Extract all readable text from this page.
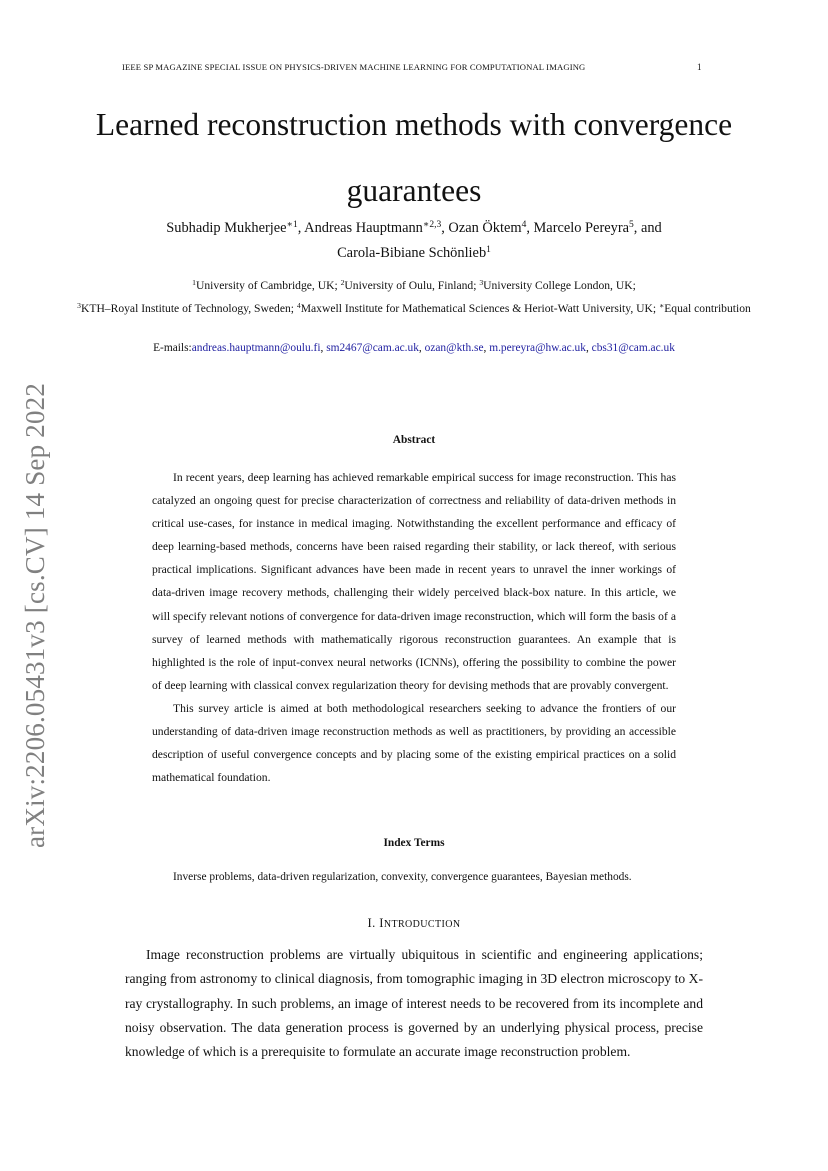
IEEE SP MAGAZINE SPECIAL ISSUE ON PHYSICS-DRIVEN MACHINE LEARNING FOR COMPUTATIONAL IMAGING	1
arXiv:2206.05431v3 [cs.CV] 14 Sep 2022
Learned reconstruction methods with convergence guarantees
Subhadip Mukherjee$^{∗1}$, Andreas Hauptmann$^{∗2,3}$, Ozan Öktem$^4$, Marcelo Pereyra$^5$, and
Carola-Bibiane Schönlieb$^1$
$^1$University of Cambridge, UK; $^2$University of Oulu, Finland; $^3$University College London, UK;
$^3$KTH–Royal Institute of Technology, Sweden; $^4$Maxwell Institute for Mathematical Sciences & Heriot-Watt University, UK; ∗Equal contribution
E-mails:andreas.hauptmann@oulu.fi, sm2467@cam.ac.uk, ozan@kth.se, m.pereyra@hw.ac.uk, cbs31@cam.ac.uk
Abstract

In recent years, deep learning has achieved remarkable empirical success for image reconstruction. This has catalyzed an ongoing quest for precise characterization of correctness and reliability of data-driven methods in critical use-cases, for instance in medical imaging. Notwithstanding the excellent performance and efficacy of deep learning-based methods, concerns have been raised regarding their stability, or lack thereof, with serious practical implications. Significant advances have been made in recent years to unravel the inner workings of data-driven image recovery methods, challenging their widely perceived black-box nature. In this article, we will specify relevant notions of convergence for data-driven image reconstruction, which will form the basis of a survey of learned methods with mathematically rigorous reconstruction guarantees. An example that is highlighted is the role of input-convex neural networks (ICNNs), offering the possibility to combine the power of deep learning with classical convex regularization theory for devising methods that are provably convergent.

This survey article is aimed at both methodological researchers seeking to advance the frontiers of our understanding of data-driven image reconstruction methods as well as practitioners, by providing an accessible description of useful convergence concepts and by placing some of the existing empirical practices on a solid mathematical foundation.

Index Terms
Inverse problems, data-driven regularization, convexity, convergence guarantees, Bayesian methods.
I. INTRODUCTION

Image reconstruction problems are virtually ubiquitous in scientific and engineering applications; ranging from astronomy to clinical diagnosis, from tomographic imaging in 3D electron microscopy to X-ray crystallography. In such problems, an image of interest needs to be recovered from its incomplete and noisy observation. The data generation process is governed by an underlying physical process, precise knowledge of which is a prerequisite to formulate an accurate image reconstruction problem.
